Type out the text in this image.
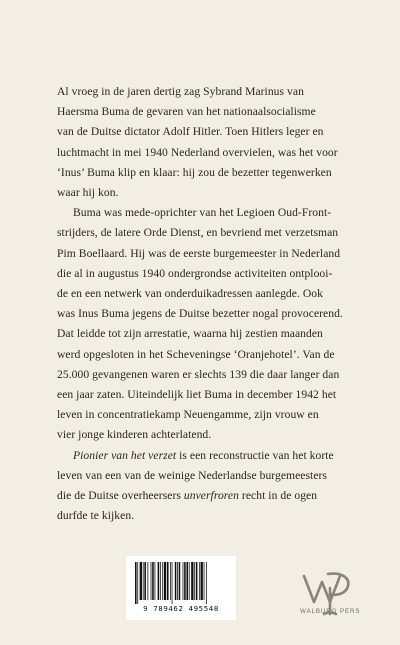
Al vroeg in de jaren dertig zag Sybrand Marinus van
Haersma Buma de gevaren van het nationaalsocialisme
van de Duitse dictator Adolf Hitler. Toen Hitlers leger en
luchtmacht in mei 1940 Nederland overvielen, was het voor
‘Inus’ Buma klip en klaar: hij zou de bezetter tegenwerken
waar hij kon.

Buma was mede-oprichter van het Legioen Oud-Front-
strijders, de latere Orde Dienst, en bevriend met verzetsman
Pim Boellaard. Hij was de eerste burgemeester in Nederland
die al in augustus 1940 ondergrondse activiteiten ontplooi-
de en een netwerk van onderduikadressen aanlegde. Ook
was Inus Buma jegens de Duitse bezetter nogal provocerend.
Dat leidde tot zijn arrestatie, waarna hij zestien maanden
werd opgesloten in het Scheveningse ‘Oranjehotel’. Van de
25.000 gevangenen waren er slechts 139 die daar langer dan
een jaar zaten. Uiteindelijk liet Buma in december 1942 het
leven in concentratiekamp Neuengamme, zijn vrouw en
vier jonge kinderen achterlatend.

Pionier van het verzet is een reconstructie van het korte
leven van een van de weinige Nederlandse burgemeesters
die de Duitse overheersers unverfroren recht in de ogen
durfde te kijken.

9 789462 495548	WALBURG PERS
